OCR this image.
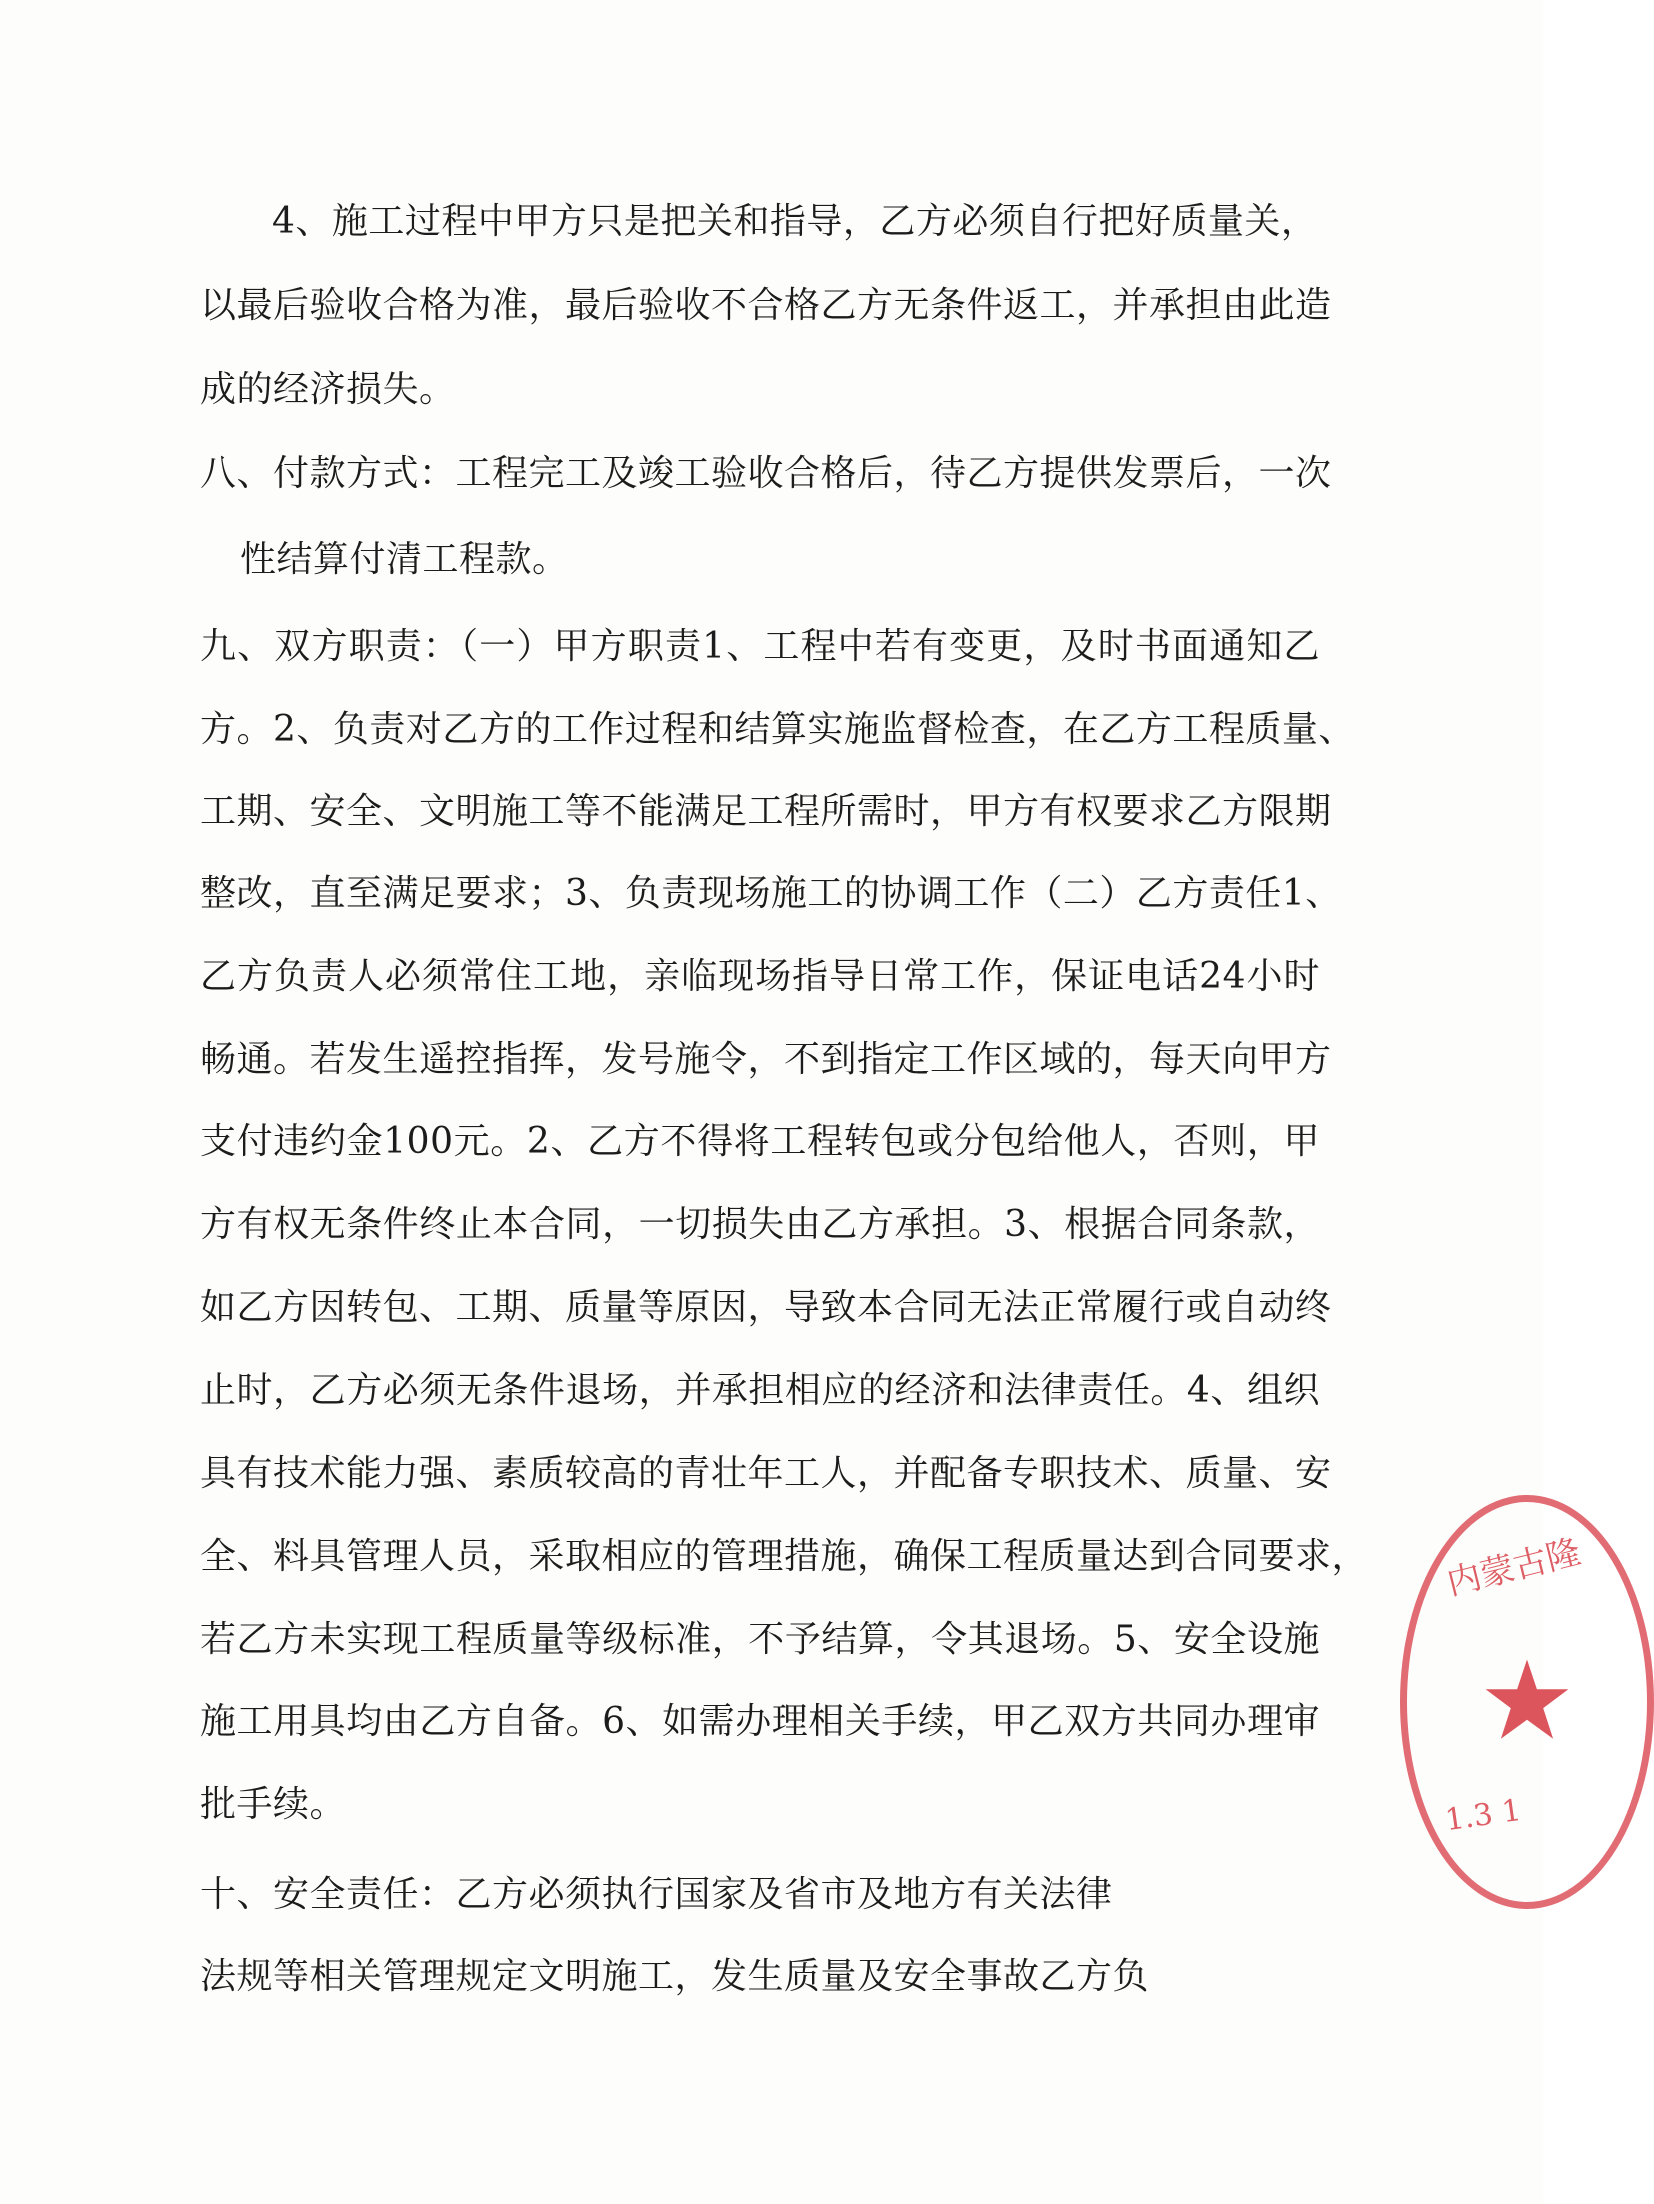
4、施工过程中甲方只是把关和指导，乙方必须自行把好质量关，

以最后验收合格为准，最后验收不合格乙方无条件返工，并承担由此造

成的经济损失。

八、付款方式：工程完工及竣工验收合格后，待乙方提供发票后，一次

性结算付清工程款。

九、双方职责：（一）甲方职责1、工程中若有变更，及时书面通知乙

方。2、负责对乙方的工作过程和结算实施监督检查，在乙方工程质量、

工期、安全、文明施工等不能满足工程所需时，甲方有权要求乙方限期

整改，直至满足要求；3、负责现场施工的协调工作（二）乙方责任1、

乙方负责人必须常住工地，亲临现场指导日常工作，保证电话24小时

畅通。若发生遥控指挥，发号施令，不到指定工作区域的，每天向甲方

支付违约金100元。2、乙方不得将工程转包或分包给他人，否则，甲

方有权无条件终止本合同，一切损失由乙方承担。3、根据合同条款，

如乙方因转包、工期、质量等原因，导致本合同无法正常履行或自动终

止时，乙方必须无条件退场，并承担相应的经济和法律责任。4、组织

具有技术能力强、素质较高的青壮年工人，并配备专职技术、质量、安

全、料具管理人员，采取相应的管理措施，确保工程质量达到合同要求，

若乙方未实现工程质量等级标准，不予结算，令其退场。5、安全设施

施工用具均由乙方自备。6、如需办理相关手续，甲乙双方共同办理审

批手续。

十、安全责任：乙方必须执行国家及省市及地方有关法律

法规等相关管理规定文明施工，发生质量及安全事故乙方负

内蒙古隆
1.3 1
